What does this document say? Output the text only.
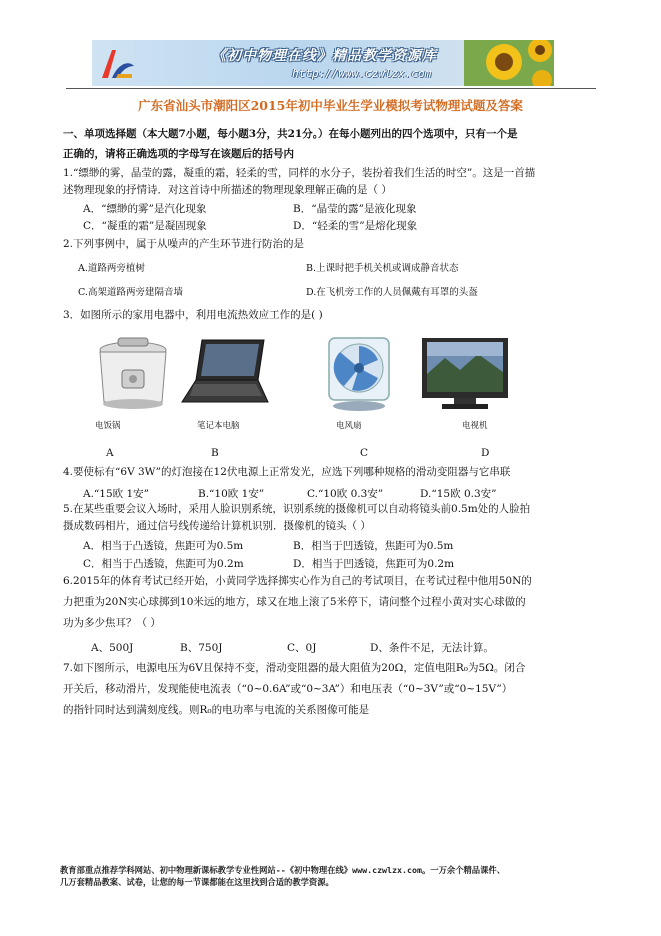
《初中物理在线》精品教学资源库
http://www.czwlzx.com
广东省汕头市潮阳区2015年初中毕业生学业模拟考试物理试题及答案
一、单项选择题（本大题7小题，每小题3分，共21分。）在每小题列出的四个选项中，只有一个是
正确的，请将正确选项的字母写在该题后的括号内
1.“缥缈的雾，晶莹的露，凝重的霜，轻柔的雪，同样的水分子，装扮着我们生活的时空”。这是一首描
述物理现象的抒情诗．对这首诗中所描述的物理现象理解正确的是（ ）
A．“缥缈的雾”是汽化现象	B．“晶莹的露”是液化现象
C．“凝重的霜”是凝固现象	D．“轻柔的雪”是熔化现象
2.下列事例中，属于从噪声的产生环节进行防治的是
A.道路两旁植树	B.上课时把手机关机或调成静音状态
C.高架道路两旁建隔音墙	D.在飞机旁工作的人员佩戴有耳罩的头盔
3．如图所示的家用电器中，利用电流热效应工作的是( )
电饭锅	笔记本电脑	电风扇	电视机
A	B	C	D
4.要使标有“6V 3W”的灯泡接在12伏电源上正常发光，应选下列哪种规格的滑动变阻器与它串联
A.“15欧 1安”	B.“10欧 1安”	C.“10欧 0.3安”	D.“15欧 0.3安”
5.在某些重要会议入场时，采用人脸识别系统，识别系统的摄像机可以自动将镜头前0.5m处的人脸拍
摄成数码相片，通过信号线传递给计算机识别．摄像机的镜头（ ）
A．相当于凸透镜，焦距可为0.5m	B．相当于凹透镜，焦距可为0.5m
C．相当于凸透镜，焦距可为0.2m	D．相当于凹透镜，焦距可为0.2m
6.2015年的体育考试已经开始，小黄同学选择掷实心作为自己的考试项目，在考试过程中他用50N的
力把重为20N实心球掷到10米远的地方，球又在地上滚了5米停下，请问整个过程小黄对实心球做的
功为多少焦耳？（ ）
A、500J	B、750J	C、0J	D、条件不足，无法计算。
7.如下图所示，电源电压为6V且保持不变，滑动变阻器的最大阻值为20Ω，定值电阻R₀为5Ω。闭合
开关后，移动滑片，发现能使电流表（“0~0.6A”或“0~3A”）和电压表（“0~3V”或“0~15V”）
的指针同时达到满刻度线。则R₀的电功率与电流的关系图像可能是
教育部重点推荐学科网站、初中物理新课标教学专业性网站--《初中物理在线》www.czwlzx.com。一万余个精品课件、
几万套精品教案、试卷，让您的每一节课都能在这里找到合适的教学资源。
